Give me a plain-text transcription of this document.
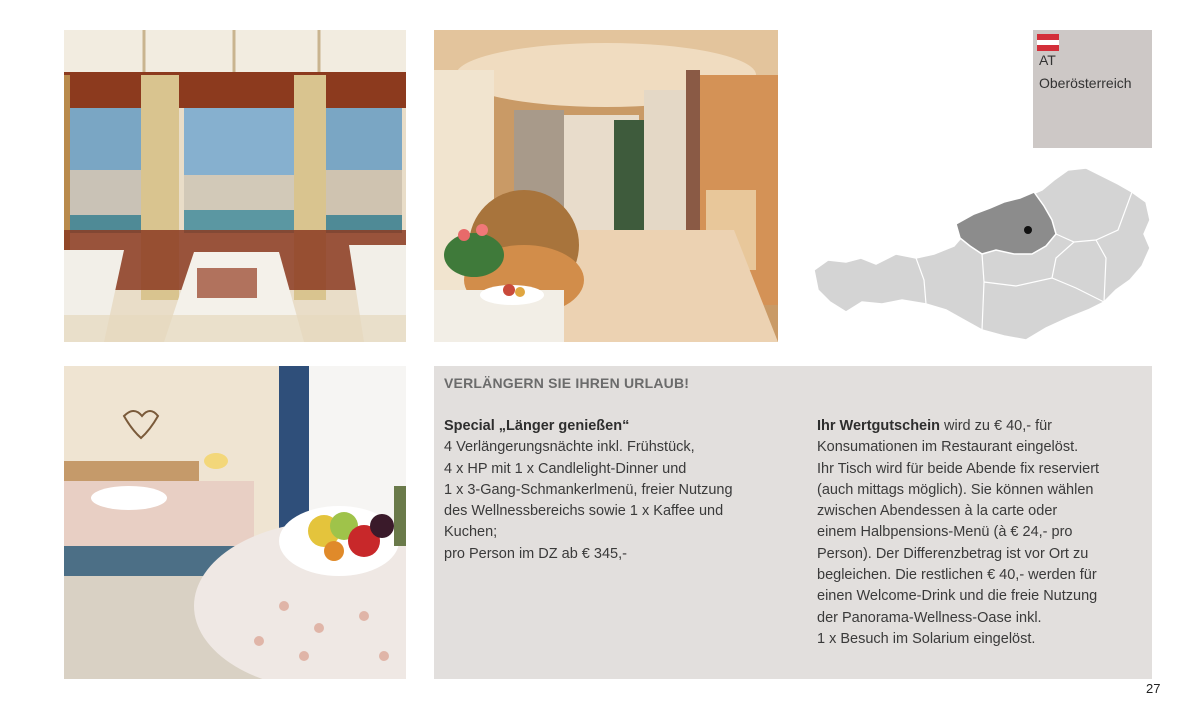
AT
Oberösterreich
VERLÄNGERN SIE IHREN URLAUB!
Special „Länger genießen“
4 Verlängerungsnächte inkl. Frühstück,
4 x HP mit 1 x Candlelight-Dinner und
1 x 3-Gang-Schmankerlmenü, freier Nutzung
des Wellnessbereichs sowie 1 x Kaffee und
Kuchen;
pro Person im DZ ab € 345,-
Ihr Wertgutschein wird zu € 40,- für
Konsumationen im Restaurant eingelöst.
Ihr Tisch wird für beide Abende fix reserviert
(auch mittags möglich). Sie können wählen
zwischen Abendessen à la carte oder
einem Halbpensions-Menü (à € 24,- pro
Person). Der Differenzbetrag ist vor Ort zu
begleichen. Die restlichen € 40,- werden für
einen Welcome-Drink und die freie Nutzung
der Panorama-Wellness-Oase inkl.
1 x Besuch im Solarium eingelöst.
27
